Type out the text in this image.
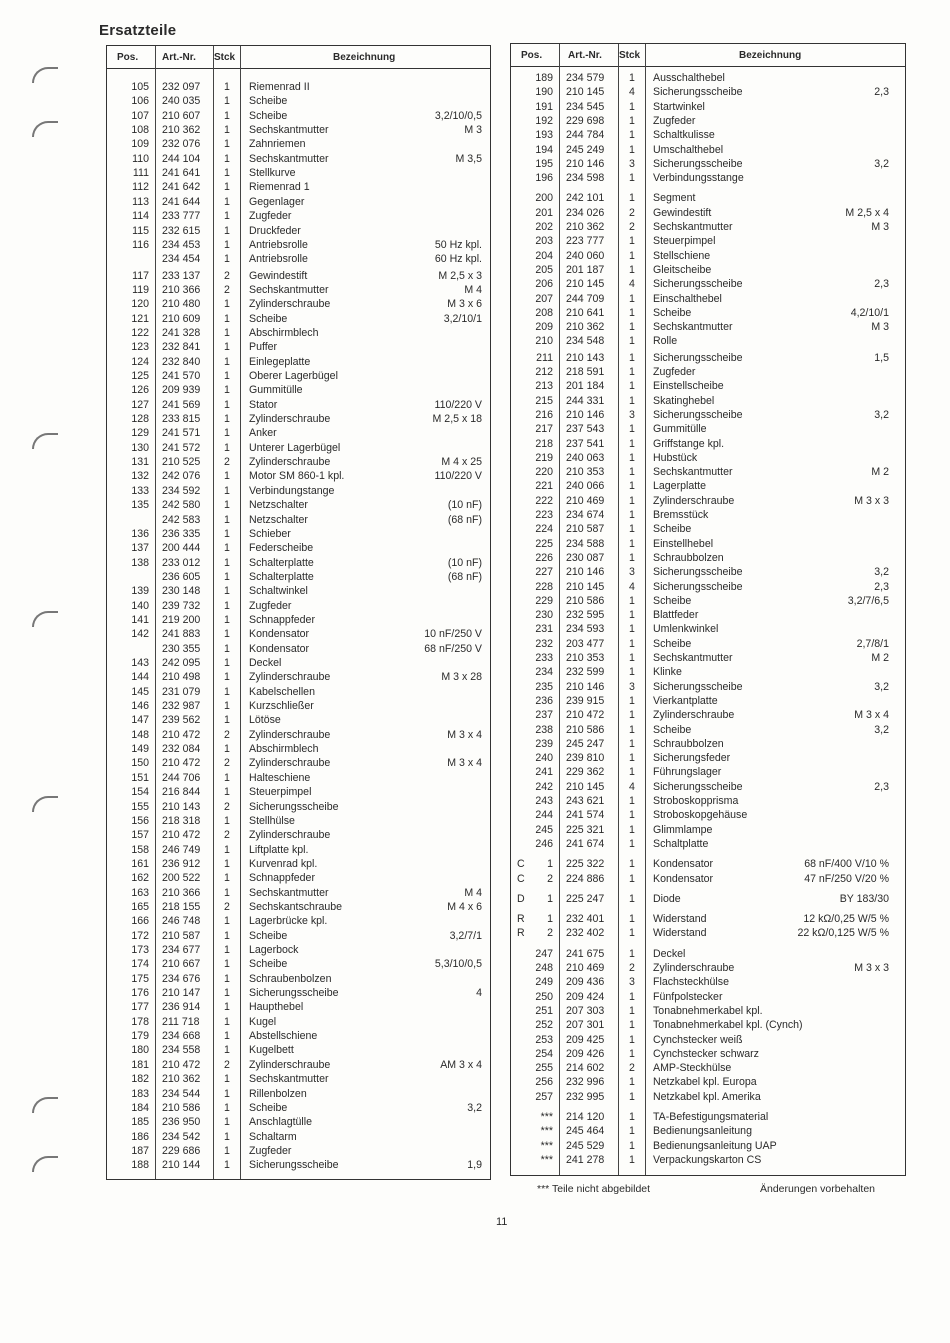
Ersatzteile
Pos. Art.-Nr. Stck	Bezeichnung
105 232 097	1	Riemenrad II
106 240 035	1	Scheibe
107 210 607	1	Scheibe	3,2/10/0,5
108 210 362	1	Sechskantmutter	M 3
109 232 076	1	Zahnriemen
110 244 104	1	Sechskantmutter	M 3,5
111 241 641	1	Stellkurve
112 241 642	1	Riemenrad 1
113 241 644	1	Gegenlager
114 233 777	1	Zugfeder
115 232 615	1	Druckfeder
116 234 453	1	Antriebsrolle	50 Hz kpl.
234 454	1	Antriebsrolle	60 Hz kpl.
117 233 137	2	Gewindestift	M 2,5 x 3
119 210 366	2	Sechskantmutter	M 4
120 210 480	1	Zylinderschraube	M 3 x 6
121 210 609	1	Scheibe	3,2/10/1
122 241 328	1	Abschirmblech
123 232 841	1	Puffer
124 232 840	1	Einlegeplatte
125 241 570	1	Oberer Lagerbügel
126 209 939	1	Gummitülle
127 241 569	1	Stator	110/220 V
128 233 815	1	Zylinderschraube	M 2,5 x 18
129 241 571	1	Anker
130 241 572	1	Unterer Lagerbügel
131 210 525	2	Zylinderschraube	M 4 x 25
132 242 076	1	Motor SM 860-1 kpl.	110/220 V
133 234 592	1	Verbindungstange
135 242 580	1	Netzschalter	(10 nF)
242 583	1	Netzschalter	(68 nF)
136 236 335	1	Schieber
137 200 444	1	Federscheibe
138 233 012	1	Schalterplatte	(10 nF)
236 605	1	Schalterplatte	(68 nF)
139 230 148	1	Schaltwinkel
140 239 732	1	Zugfeder
141 219 200	1	Schnappfeder
142 241 883	1	Kondensator	10 nF/250 V
230 355	1	Kondensator	68 nF/250 V
143 242 095	1	Deckel
144 210 498	1	Zylinderschraube	M 3 x 28
145 231 079	1	Kabelschellen
146 232 987	1	Kurzschließer
147 239 562	1	Lötöse
148 210 472	2	Zylinderschraube	M 3 x 4
149 232 084	1	Abschirmblech
150 210 472	2	Zylinderschraube	M 3 x 4
151 244 706	1	Halteschiene
154 216 844	1	Steuerpimpel
155 210 143	2	Sicherungsscheibe
156 218 318	1	Stellhülse
157 210 472	2	Zylinderschraube
158 246 749	1	Liftplatte kpl.
161 236 912	1	Kurvenrad kpl.
162 200 522	1	Schnappfeder
163 210 366	1	Sechskantmutter	M 4
165 218 155	2	Sechskantschraube	M 4 x 6
166 246 748	1	Lagerbrücke kpl.
172 210 587	1	Scheibe	3,2/7/1
173 234 677	1	Lagerbock
174 210 667	1	Scheibe	5,3/10/0,5
175 234 676	1	Schraubenbolzen
176 210 147	1	Sicherungsscheibe	4
177 236 914	1	Haupthebel
178 211 718	1	Kugel
179 234 668	1	Abstellschiene
180 234 558	1	Kugelbett
181 210 472	2	Zylinderschraube	AM 3 x 4
182 210 362	1	Sechskantmutter
183 234 544	1	Rillenbolzen
184 210 586	1	Scheibe	3,2
185 236 950	1	Anschlagtülle
186 234 542	1	Schaltarm
187 229 686	1	Zugfeder
188 210 144	1	Sicherungsscheibe	1,9
Pos.	Art.-Nr. Stck	Bezeichnung
189 234 579	1	Ausschalthebel
190 210 145	4	Sicherungsscheibe	2,3
191 234 545	1	Startwinkel
192 229 698	1	Zugfeder
193 244 784	1	Schaltkulisse
194 245 249	1	Umschalthebel
195 210 146	3	Sicherungsscheibe	3,2
196 234 598	1	Verbindungsstange
200 242 101	1	Segment
201 234 026	2	Gewindestift	M 2,5 x 4
202 210 362	2	Sechskantmutter	M 3
203 223 777	1	Steuerpimpel
204 240 060	1	Stellschiene
205 201 187	1	Gleitscheibe
206 210 145	4	Sicherungsscheibe	2,3
207 244 709	1	Einschalthebel
208 210 641	1	Scheibe	4,2/10/1
209 210 362	1	Sechskantmutter	M 3
210 234 548	1	Rolle
211 210 143	1	Sicherungsscheibe	1,5
212 218 591	1	Zugfeder
213 201 184	1	Einstellscheibe
215 244 331	1	Skatinghebel
216 210 146	3	Sicherungsscheibe	3,2
217 237 543	1	Gummitülle
218 237 541	1	Griffstange kpl.
219 240 063	1	Hubstück
220 210 353	1	Sechskantmutter	M 2
221 240 066	1	Lagerplatte
222 210 469	1	Zylinderschraube	M 3 x 3
223 234 674	1	Bremsstück
224 210 587	1	Scheibe
225 234 588	1	Einstellhebel
226 230 087	1	Schraubbolzen
227 210 146	3	Sicherungsscheibe	3,2
228 210 145	4	Sicherungsscheibe	2,3
229 210 586	1	Scheibe	3,2/7/6,5
230 232 595	1	Blattfeder
231 234 593	1	Umlenkwinkel
232 203 477	1	Scheibe	2,7/8/1
233 210 353	1	Sechskantmutter	M 2
234 232 599	1	Klinke
235 210 146	3	Sicherungsscheibe	3,2
236 239 915	1	Vierkantplatte
237 210 472	1	Zylinderschraube	M 3 x 4
238 210 586	1	Scheibe	3,2
239 245 247	1	Schraubbolzen
240 239 810	1	Sicherungsfeder
241 229 362	1	Führungslager
242 210 145	4	Sicherungsscheibe	2,3
243 243 621	1	Stroboskopprisma
244 241 574	1	Stroboskopgehäuse
245 225 321	1	Glimmlampe
246 241 674	1	Schaltplatte
C	1 225 322	1	Kondensator	68 nF/400 V/10 %
C	2 224 886	1	Kondensator	47 nF/250 V/20 %
D	1 225 247	1	Diode	BY 183/30
R	1 232 401	1	Widerstand	12 kΩ/0,25 W/5 %
R	2 232 402	1	Widerstand	22 kΩ/0,125 W/5 %
247 241 675	1	Deckel
248 210 469	2	Zylinderschraube	M 3 x 3
249 209 436	3	Flachsteckhülse
250 209 424	1	Fünfpolstecker
251 207 303	1	Tonabnehmerkabel kpl.
252 207 301	1	Tonabnehmerkabel kpl. (Cynch)
253 209 425	1	Cynchstecker weiß
254 209 426	1	Cynchstecker schwarz
255 214 602	2	AMP-Steckhülse
256 232 996	1	Netzkabel kpl. Europa
257 232 995	1	Netzkabel kpl. Amerika
*** 214 120	1	TA-Befestigungsmaterial
*** 245 464	1	Bedienungsanleitung
*** 245 529	1	Bedienungsanleitung UAP
*** 241 278	1	Verpackungskarton CS
*** Teile nicht abgebildet	Änderungen vorbehalten
11
